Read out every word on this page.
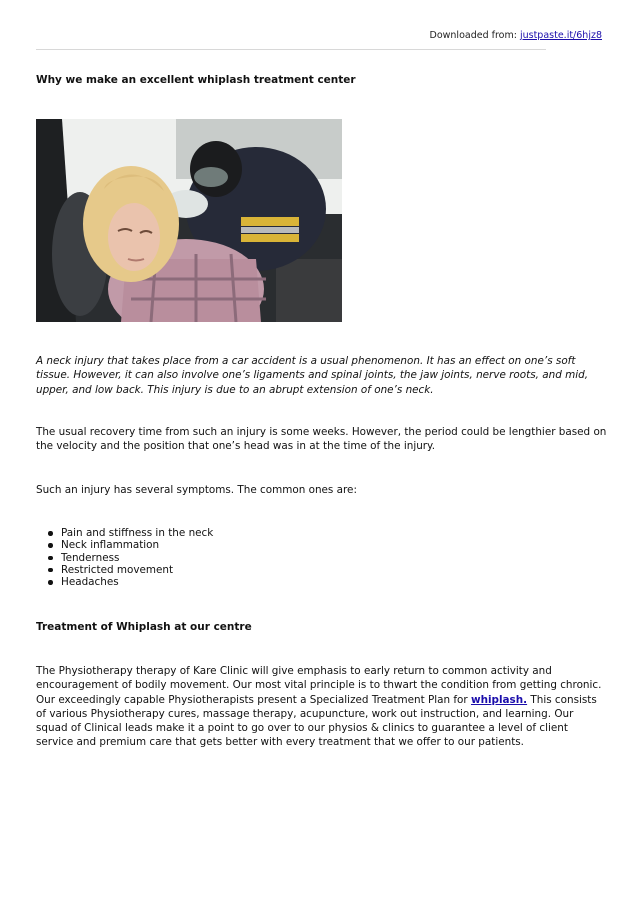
Downloaded from: justpaste.it/6hjz8
Why we make an excellent whiplash treatment center

A neck injury that takes place from a car accident is a usual phenomenon. It has an effect on one’s soft tissue. However, it can also involve one’s ligaments and spinal joints, the jaw joints, nerve roots, and mid, upper, and low back. This injury is due to an abrupt extension of one’s neck.

The usual recovery time from such an injury is some weeks. However, the period could be lengthier based on the velocity and the position that one’s head was in at the time of the injury.

Such an injury has several symptoms. The common ones are:

Pain and stiffness in the neck
Neck inflammation
Tenderness
Restricted movement
Headaches
Treatment of Whiplash at our centre

The Physiotherapy therapy of Kare Clinic will give emphasis to early return to common activity and encouragement of bodily movement. Our most vital principle is to thwart the condition from getting chronic. Our exceedingly capable Physiotherapists present a Specialized Treatment Plan for whiplash. This consists of various Physiotherapy cures, massage therapy, acupuncture, work out instruction, and learning. Our squad of Clinical leads make it a point to go over to our physios & clinics to guarantee a level of client service and premium care that gets better with every treatment that we offer to our patients.
